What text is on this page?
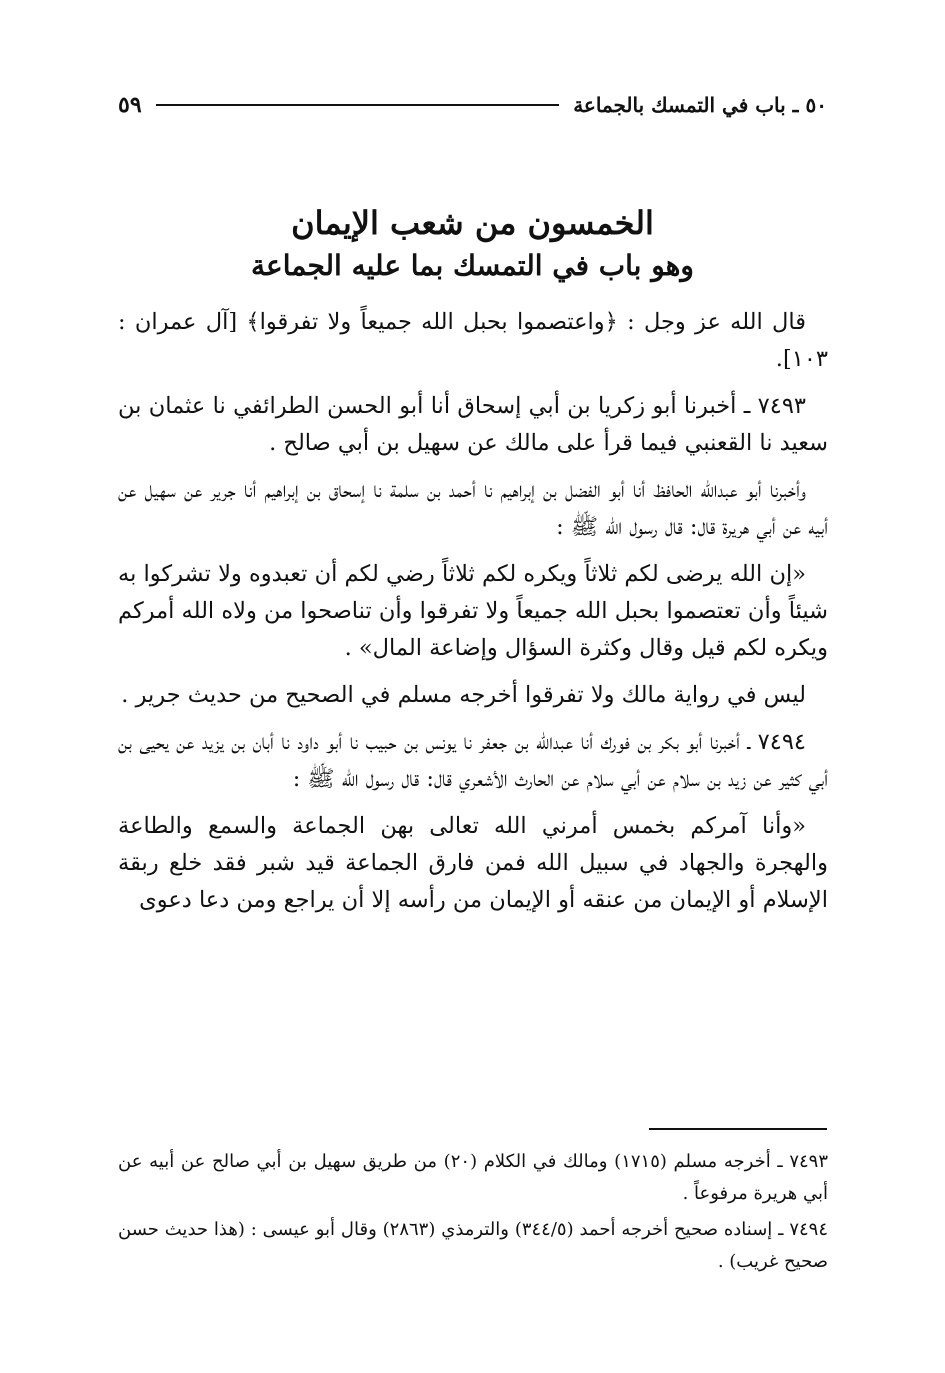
٥٠ ـ باب في التمسك بالجماعة
٥٩
الخمسون من شعب الإيمان
وهو باب في التمسك بما عليه الجماعة

قال الله عز وجل : ﴿واعتصموا بحبل الله جميعاً ولا تفرقوا﴾ [آل عمران : ١٠٣].

٧٤٩٣ ـ أخبرنا أبو زكريا بن أبي إسحاق أنا أبو الحسن الطرائفي نا عثمان بن سعيد نا القعنبي فيما قرأ على مالك عن سهيل بن أبي صالح .

وأخبرنا أبو عبدالله الحافظ أنا أبو الفضل بن إبراهيم نا أحمد بن سلمة نا إسحاق بن إبراهيم أنا جرير عن سهيل عن أبيه عن أبي هريرة قال: قال رسول الله ﷺ :

«إن الله يرضى لكم ثلاثاً ويكره لكم ثلاثاً رضي لكم أن تعبدوه ولا تشركوا به شيئاً وأن تعتصموا بحبل الله جميعاً ولا تفرقوا وأن تناصحوا من ولاه الله أمركم ويكره لكم قيل وقال وكثرة السؤال وإضاعة المال» .

ليس في رواية مالك ولا تفرقوا أخرجه مسلم في الصحيح من حديث جرير .

٧٤٩٤ ـ أخبرنا أبو بكر بن فورك أنا عبدالله بن جعفر نا يونس بن حبيب نا أبو داود نا أبان بن يزيد عن يحيى بن أبي كثير عن زيد بن سلام عن أبي سلام عن الحارث الأشعري قال: قال رسول الله ﷺ :

«وأنا آمركم بخمس أمرني الله تعالى بهن الجماعة والسمع والطاعة والهجرة والجهاد في سبيل الله فمن فارق الجماعة قيد شبر فقد خلع ربقة الإسلام أو الإيمان من عنقه أو الإيمان من رأسه إلا أن يراجع ومن دعا دعوى

٧٤٩٣ ـ أخرجه مسلم (١٧١٥) ومالك في الكلام (٢٠) من طريق سهيل بن أبي صالح عن أبيه عن أبي هريرة مرفوعاً .

٧٤٩٤ ـ إسناده صحيح أخرجه أحمد (٣٤٤/٥) والترمذي (٢٨٦٣) وقال أبو عيسى : (هذا حديث حسن صحيح غريب) .
